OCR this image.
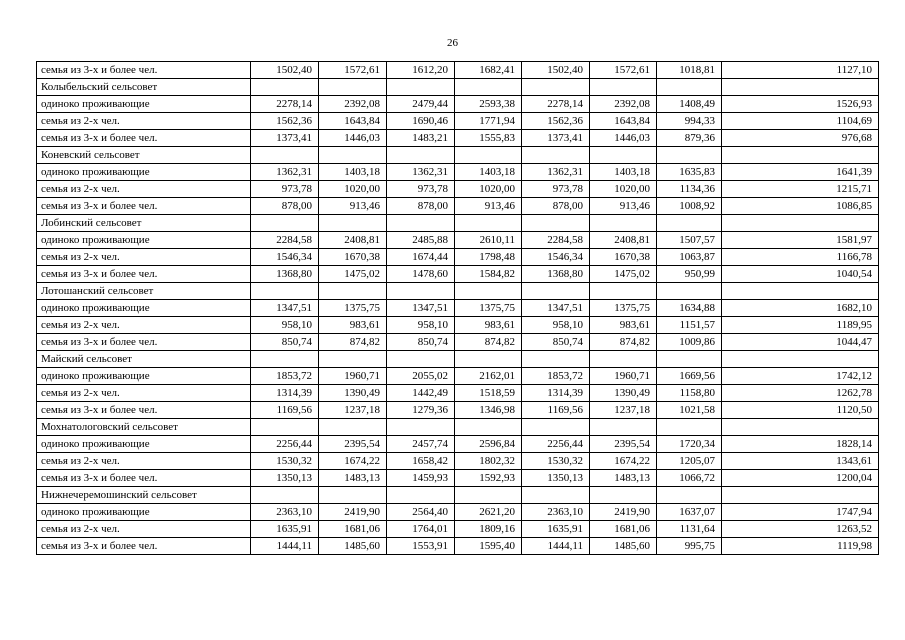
26
семья из 3-х и более чел.	1502,40	1572,61	1612,20	1682,41	1502,40	1572,61	1018,81	1127,10
Колыбельский сельсовет								
одиноко проживающие	2278,14	2392,08	2479,44	2593,38	2278,14	2392,08	1408,49	1526,93
семья из 2-х чел.	1562,36	1643,84	1690,46	1771,94	1562,36	1643,84	994,33	1104,69
семья из 3-х и более чел.	1373,41	1446,03	1483,21	1555,83	1373,41	1446,03	879,36	976,68
Коневский сельсовет								
одиноко проживающие	1362,31	1403,18	1362,31	1403,18	1362,31	1403,18	1635,83	1641,39
семья из 2-х чел.	973,78	1020,00	973,78	1020,00	973,78	1020,00	1134,36	1215,71
семья из 3-х и более чел.	878,00	913,46	878,00	913,46	878,00	913,46	1008,92	1086,85
Лобинский сельсовет								
одиноко проживающие	2284,58	2408,81	2485,88	2610,11	2284,58	2408,81	1507,57	1581,97
семья из 2-х чел.	1546,34	1670,38	1674,44	1798,48	1546,34	1670,38	1063,87	1166,78
семья из 3-х и более чел.	1368,80	1475,02	1478,60	1584,82	1368,80	1475,02	950,99	1040,54
Лотошанский сельсовет								
одиноко проживающие	1347,51	1375,75	1347,51	1375,75	1347,51	1375,75	1634,88	1682,10
семья из 2-х чел.	958,10	983,61	958,10	983,61	958,10	983,61	1151,57	1189,95
семья из 3-х и более чел.	850,74	874,82	850,74	874,82	850,74	874,82	1009,86	1044,47
Майский сельсовет								
одиноко проживающие	1853,72	1960,71	2055,02	2162,01	1853,72	1960,71	1669,56	1742,12
семья из 2-х чел.	1314,39	1390,49	1442,49	1518,59	1314,39	1390,49	1158,80	1262,78
семья из 3-х и более чел.	1169,56	1237,18	1279,36	1346,98	1169,56	1237,18	1021,58	1120,50
Мохнатологовский сельсовет								
одиноко проживающие	2256,44	2395,54	2457,74	2596,84	2256,44	2395,54	1720,34	1828,14
семья из 2-х чел.	1530,32	1674,22	1658,42	1802,32	1530,32	1674,22	1205,07	1343,61
семья из 3-х и более чел.	1350,13	1483,13	1459,93	1592,93	1350,13	1483,13	1066,72	1200,04
Нижнечеремошинский сельсовет								
одиноко проживающие	2363,10	2419,90	2564,40	2621,20	2363,10	2419,90	1637,07	1747,94
семья из 2-х чел.	1635,91	1681,06	1764,01	1809,16	1635,91	1681,06	1131,64	1263,52
семья из 3-х и более чел.	1444,11	1485,60	1553,91	1595,40	1444,11	1485,60	995,75	1119,98
